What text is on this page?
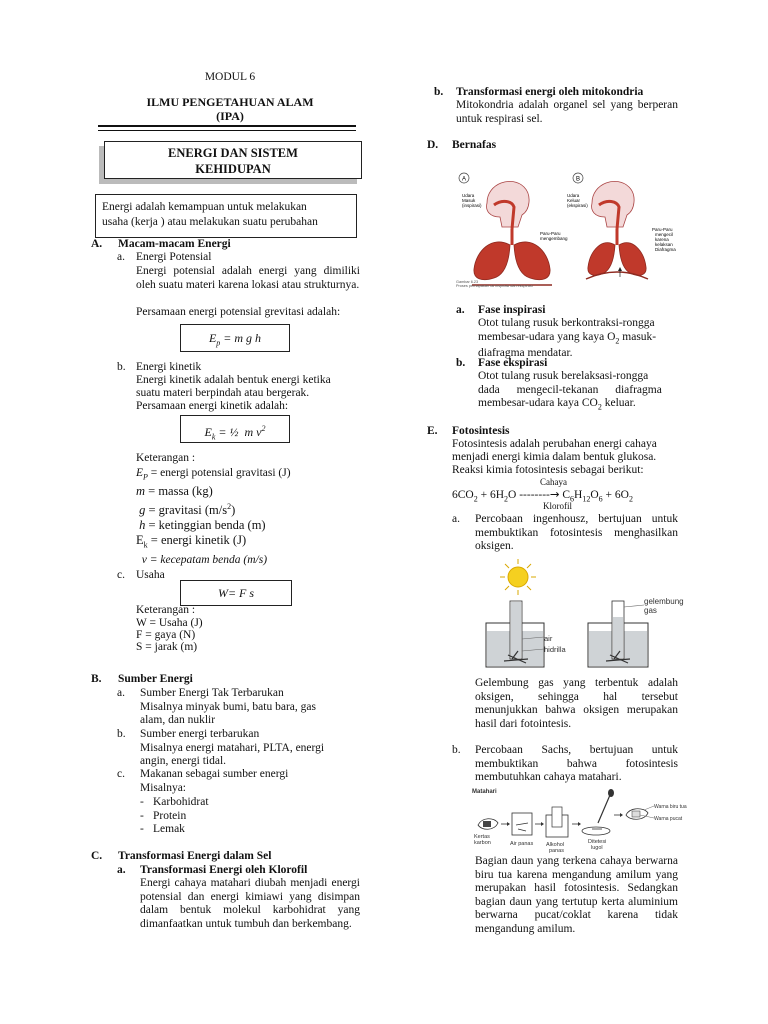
MODUL 6
ILMU PENGETAHUAN ALAM
(IPA)
ENERGI DAN SISTEM
KEHIDUPAN
Energi adalah kemampuan untuk melakukan
usaha (kerja ) atau melakukan suatu perubahan
A. Macam-macam Energi
a. Energi Potensial
Energi potensial adalah energi yang dimiliki oleh suatu materi karena lokasi atau strukturnya.
Persamaan energi potensial grevitasi adalah:
$E_p = m$ g h
b. Energi kinetik
Energi kinetik adalah bentuk energi ketika
suatu materi berpindah atau bergerak.
Persamaan energi kinetik adalah:
$E_k$ = ½  m $v^2$
Keterangan :
$E_P$ = energi potensial gravitasi (J)
m = massa (kg)
g = gravitasi $(m/s^2)$
h = ketinggian benda (m)
$E_k$ = energi kinetik (J)
v = kecepatam benda (m/s)
c. Usaha
W= F s
Keterangan :
W = Usaha (J)
F = gaya (N)
S = jarak (m)
B. Sumber Energi
a. Sumber Energi Tak Terbarukan
Misalnya minyak bumi, batu bara, gas
alam, dan nuklir
b. Sumber energi terbarukan
Misalnya energi matahari, PLTA, energi
angin, energi tidal.
c. Makanan sebagai sumber energi
Misalnya:
- Karbohidrat
- Protein
- Lemak
C. Transformasi Energi dalam Sel
a. Transformasi Energi oleh Klorofil
Energi cahaya matahari diubah menjadi energi potensial dan energi kimiawi yang disimpan dalam bentuk molekul karbohidrat yang dimanfaatkan untuk tumbuh dan berkembang.
b. Transformasi energi oleh mitokondria
Mitokondria adalah organel sel yang berperan untuk respirasi sel.
D. Bernafas
A
Udara
Masuk
(inspirasi)
Paru-Paru
mengembang
B
Udara
Keluar
(ekspirasi)
Paru-Paru
mengecil
karena
kelaksan
Diafragma
Gambar 6.23
Proses pernapasan ral inspirasi dan ekspirasi
a. Fase inspirasi
Otot tulang rusuk berkontraksi-rongga
membesar-udara yang kaya $O_2$ masuk-
diafragma mendatar.
b. Fase ekspirasi
Otot tulang rusuk berelaksasi-rongga
dada mengecil-tekanan diafragma
membesar-udara kaya $CO_2$ keluar.
E. Fotosintesis
Fotosintesis adalah perubahan energi cahaya
menjadi energi kimia dalam bentuk glukosa.
Reaksi kimia fotosintesis sebagai berikut:
Cahaya
$6CO_2 + 6H_2O$ --------→ $C_6H_{12}O_6 + 6O_2$
Klorofil
a. Percobaan ingenhousz, bertujuan untuk membuktikan fotosintesis menghasilkan oksigen.
gelembung
gas
air
hidrilla
Gelembung gas yang terbentuk adalah oksigen, sehingga hal tersebut menunjukkan bahwa oksigen merupakan hasil dari fotointesis.
b. Percobaan Sachs, bertujuan untuk membuktikan bahwa fotosintesis membutuhkan cahaya matahari.
Matahari
Kertas
karbon	Air panas Alkohol
panas
Ditetesi
lugol
Warna biru tua
Warna pucat
Bagian daun yang terkena cahaya berwarna biru tua karena mengandung amilum yang merupakan hasil fotosintesis. Sedangkan bagian daun yang tertutup kerta aluminium berwarna pucat/coklat karena tidak mengandung amilum.
